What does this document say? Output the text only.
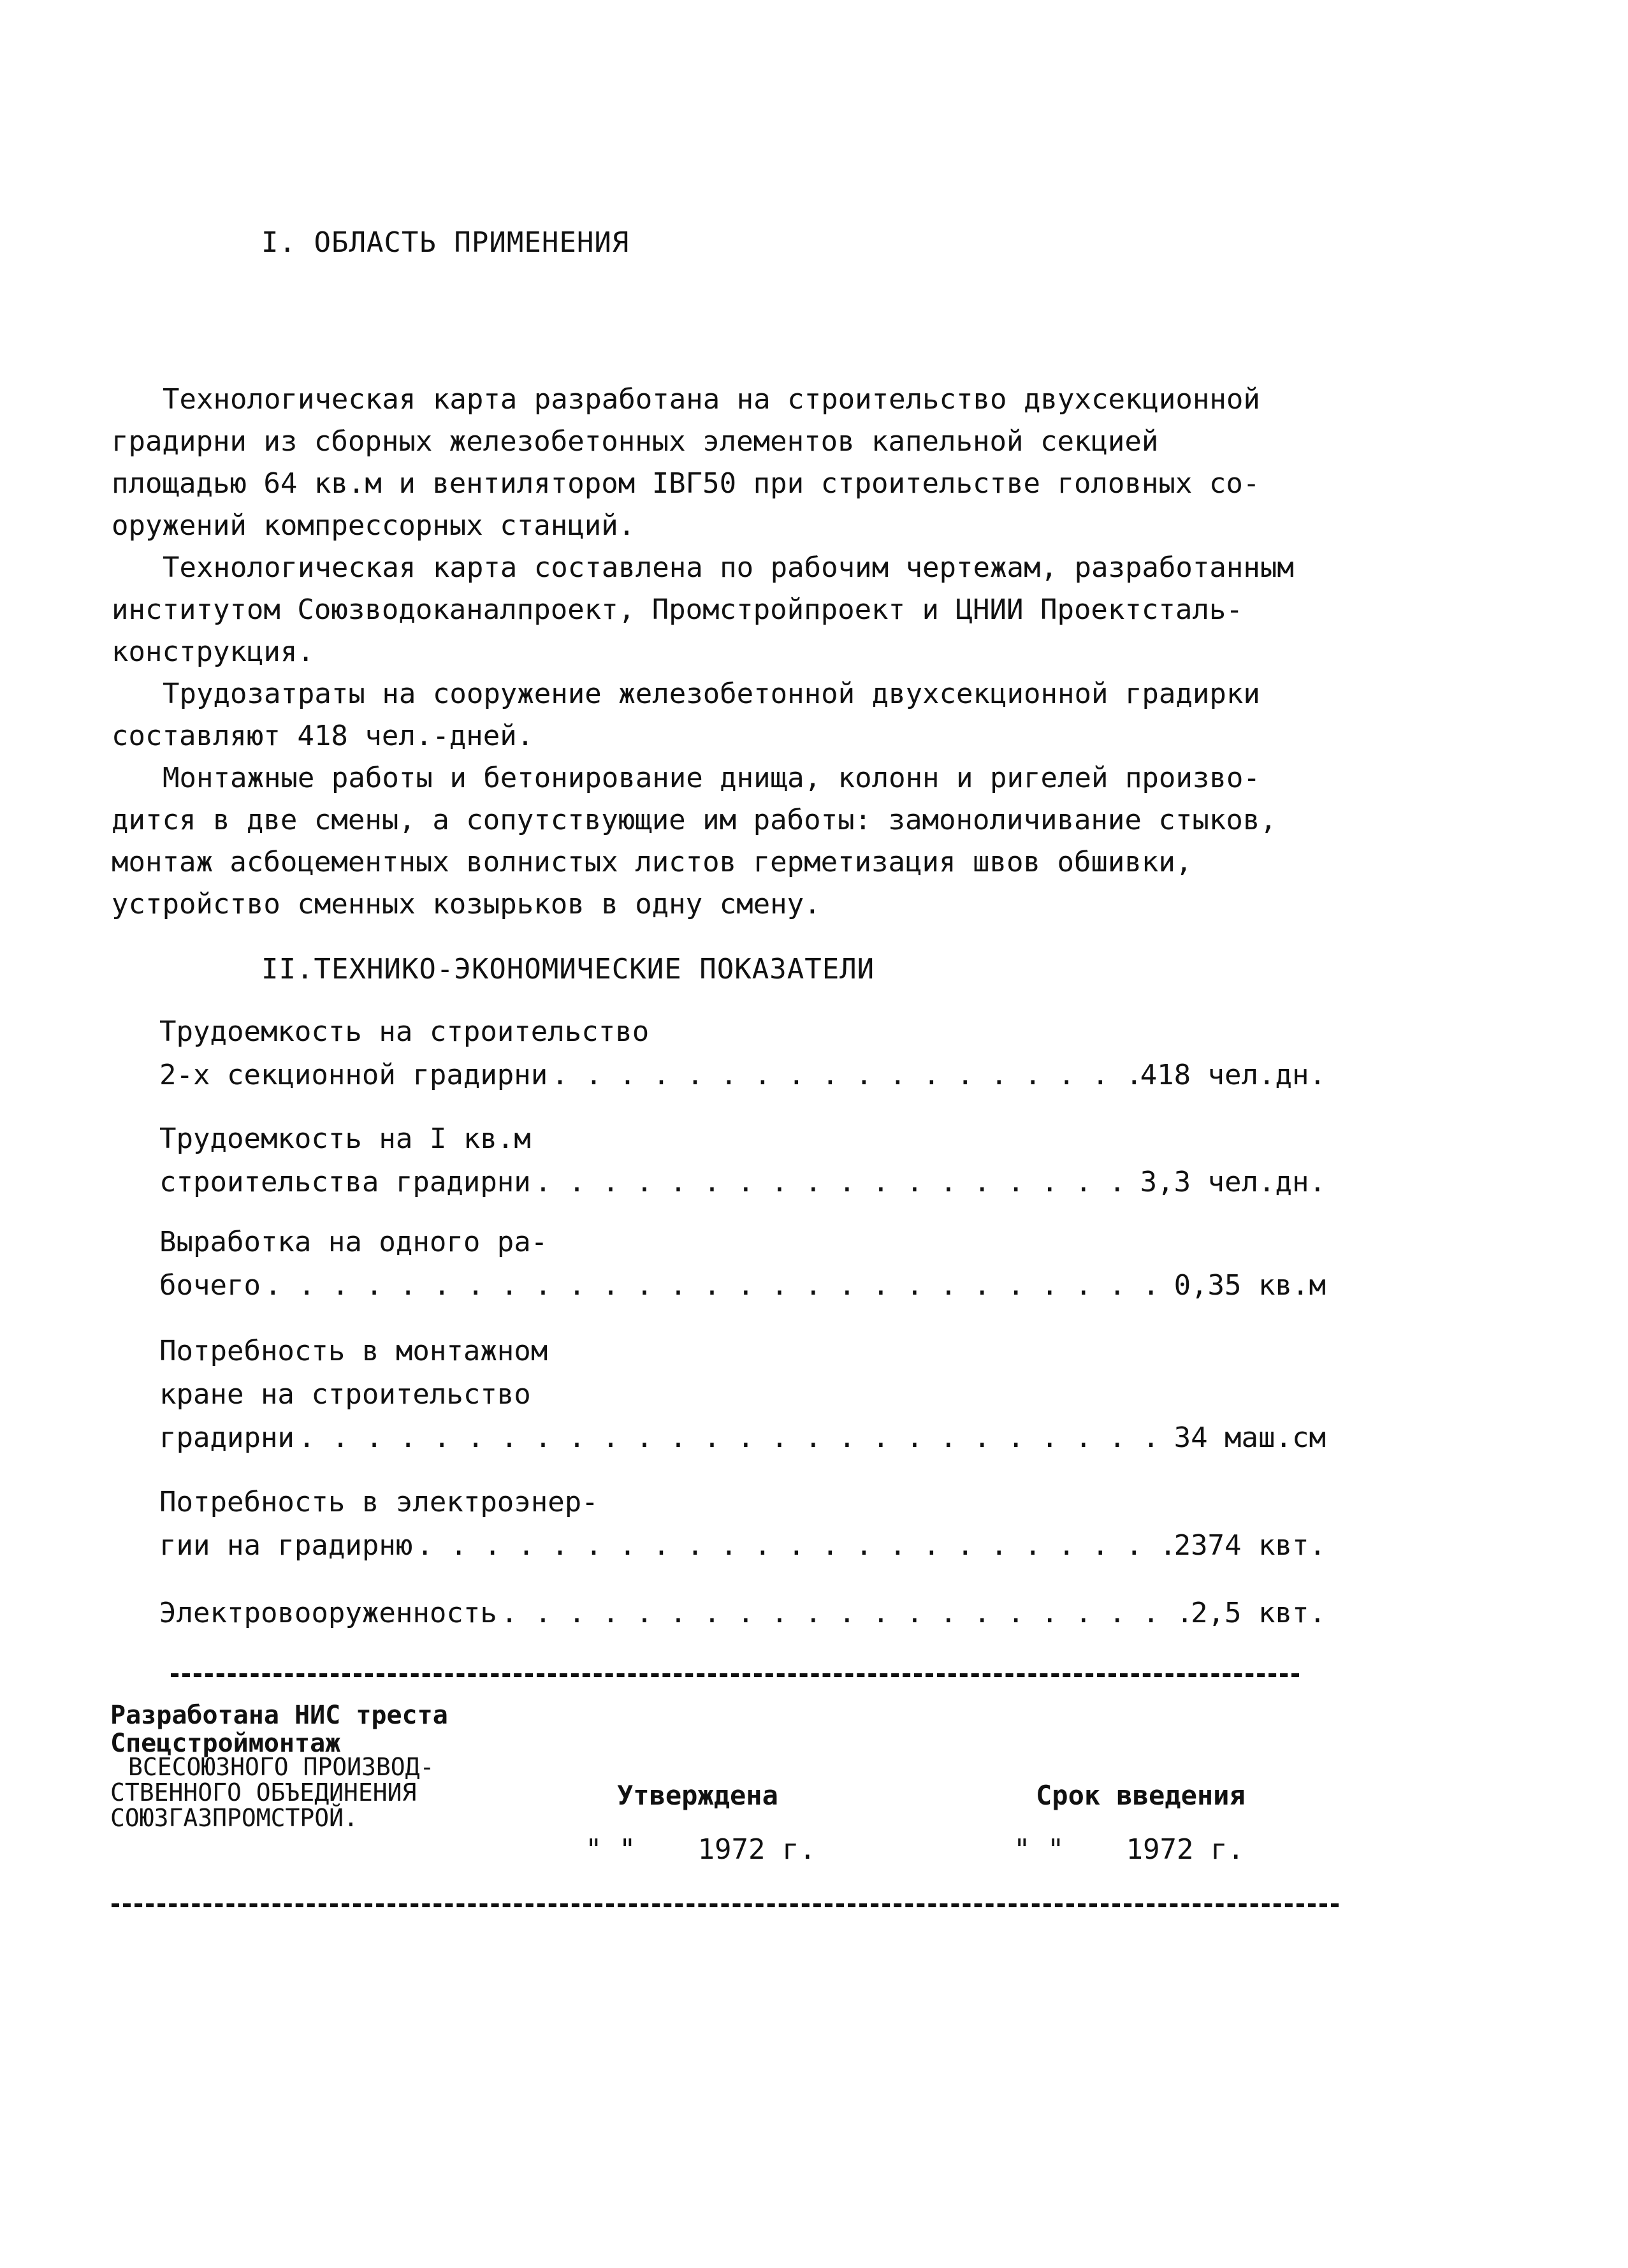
I. ОБЛАСТЬ ПРИМЕНЕНИЯ
Технологическая карта разработана на строительство двухсекционной
градирни из сборных железобетонных элементов капельной секцией
площадью 64 кв.м и вентилятором IВГ50 при строительстве головных со-
оружений компрессорных станций.
Технологическая карта составлена по рабочим чертежам, разработанным
институтом Союзводоканалпроект, Промстройпроект и ЦНИИ Проектсталь-
конструкция.
Трудозатраты на сооружение железобетонной двухсекционной градирки
составляют 418 чел.-дней.
Монтажные работы и бетонирование днища, колонн и ригелей произво-
дится в две смены, а сопутствующие им работы: замоноличивание стыков,
монтаж асбоцементных волнистых листов герметизация швов обшивки,
устройство сменных козырьков в одну смену.
II.ТЕХНИКО-ЭКОНОМИЧЕСКИЕ ПОКАЗАТЕЛИ
Трудоемкость на строительство
2-х секционной градирни . . .	418 чел.дн.
Трудоемкость на I кв.м
строительства градирни . . .	3,3 чел.дн.
Выработка на одного ра-
бочего . . .	0,35 кв.м
Потребность в монтажном
кране на строительство
градирни . . .	34 маш.см
Потребность в электроэнер-
гии на градирню . . .	2374 квт.
Электровооруженность . . .	2,5 квт.
Разработана НИС треста
Спецстроймонтаж
ВСЕСОЮЗНОГО ПРОИЗВОД-
СТВЕННОГО ОБЪЕДИНЕНИЯ
СОЮЗГАЗПРОМСТРОЙ.
Утверждена
" " 1972 г.
Срок введения
" " 1972 г.
